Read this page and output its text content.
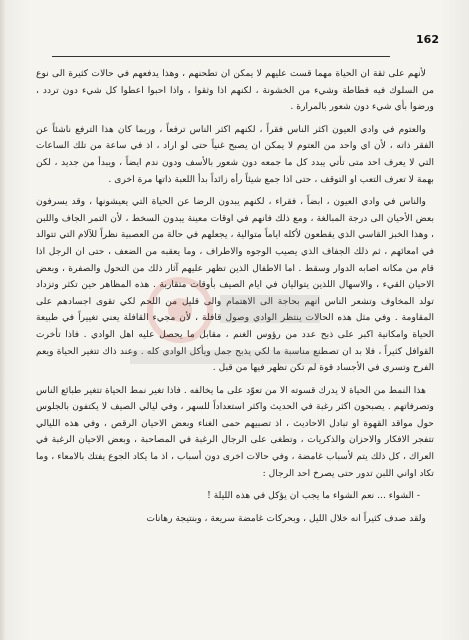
162

لأنهم على ثقة ان الحياة مهما قست عليهم لا يمكن ان تطحنهم ، وهذا يدفعهم في حالات كثيرة الى نوع من السلوك فيه فطاطة وشيء من الخشونة ، لكنهم اذا وثقوا ، واذا احبوا اعطوا كل شيء دون تردد ، ورضوا بأي شيء دون شعور بالمرارة .

والعتوم في وادي العيون اكثر الناس فقراً ، لكنهم اكثر الناس ترفعاً ، وربما كان هذا الترفع ناشئاً عن الفقر ذاته ، لأن اي واحد من العتوم لا يمكن ان يصبح غنياً حتى لو اراد ، اذ في ساعة من تلك الساعات التي لا يعرف احد متى تأتي يبدد كل ما جمعه دون شعور بالأسف ودون ندم ايضاً ، ويبدأ من جديد ، لكن بهمة لا تعرف التعب او التوقف ، حتى اذا جمع شيئاً رأه زائداً بدأ اللعبة ذاتها مرة اخرى .

والناس في وادي العيون ، ابضاً ، فقراء ، لكنهم يبدون الرضا عن الحياة التي يعيشونها ، وقد يسرفون بعض الأحيان الى درجة المبالغة ، ومع ذلك فانهم في اوقات معينة يبدون السخط ، لأن التمر الجاف واللبن ، وهذا الخبز القاسي الذي يقطعون لأكله اياماً متوالية ، يجعلهم في حالة من العصبية نظراً للآلام التي تتوالد في امعائهم ، ثم ذلك الجفاف الذي يصيب الوجوه والاطراف ، وما يعقبه من الضعف ، حتى ان الرجل اذا قام من مكانه اصابه الدوار وسقط . اما الاطفال الذين تظهر عليهم آثار ذلك من التحول والصفرة ، وبعض الاحيان القيء ، والاسهال اللذين يتواليان في ايام الصيف بأوقات متقاربة . هذه المظاهر حين تكثر وتزداد تولد المخاوف وتشعر الناس انهم بحاجة الى الاهتمام والى قليل من اللحم لكي تقوى اجسادهم على المقاومة . وفي مثل هذه الحالات ينتظر الوادي وصول قافلة ، لأن مجيء القافلة يعني تغييراً في طبيعة الحياة وامكانية اكبر على ذبح عدد من رؤوس الغنم ، مقابل ما يحصل عليه اهل الوادي . فاذا تأخرت القوافل كثيراً ، فلا بد ان تصطنع مناسبة ما لكي يذبح جمل ويأكل الوادي كله . وعند ذاك تتغير الحياة ويعم الفرح وتسري في الأجساد قوة لم تكن تظهر فيها من قبل .

هذا النمط من الحياة لا يدرك قسوته الا من تعوّد على ما يخالفه . فاذا تغير نمط الحياة تتغير طبائع الناس وتصرفاتهم . يصبحون اكثر رغبة في الحديث واكثر استعداداً للسهر ، وفي ليالي الصيف لا يكتفون بالجلوس حول مواقد القهوة او تبادل الاحاديث ، اذ تصبيهم حمى الغناء وبعض الاحيان الرقص ، وفي هذه الليالي تتفجر الافكار والاحزان والذكريات ، وتطغى على الرجال الرغبة في المصاحبة ، وبعض الاحيان الرغبة في العراك ، كل ذلك يتم لأسباب غامضة ، وفي حالات اخرى دون أسباب ، اذ ما يكاد الجوع يفتك بالامعاء ، وما تكاد اواني اللبن تدور حتى يصرخ احد الرجال :

- الشواء ... نعم الشواء ما يجب ان يؤكل في هذه الليلة !

ولقد صدف كثيراً انه خلال الليل ، وبحركات غامضة سريعة ، وبنتيجة رهانات
